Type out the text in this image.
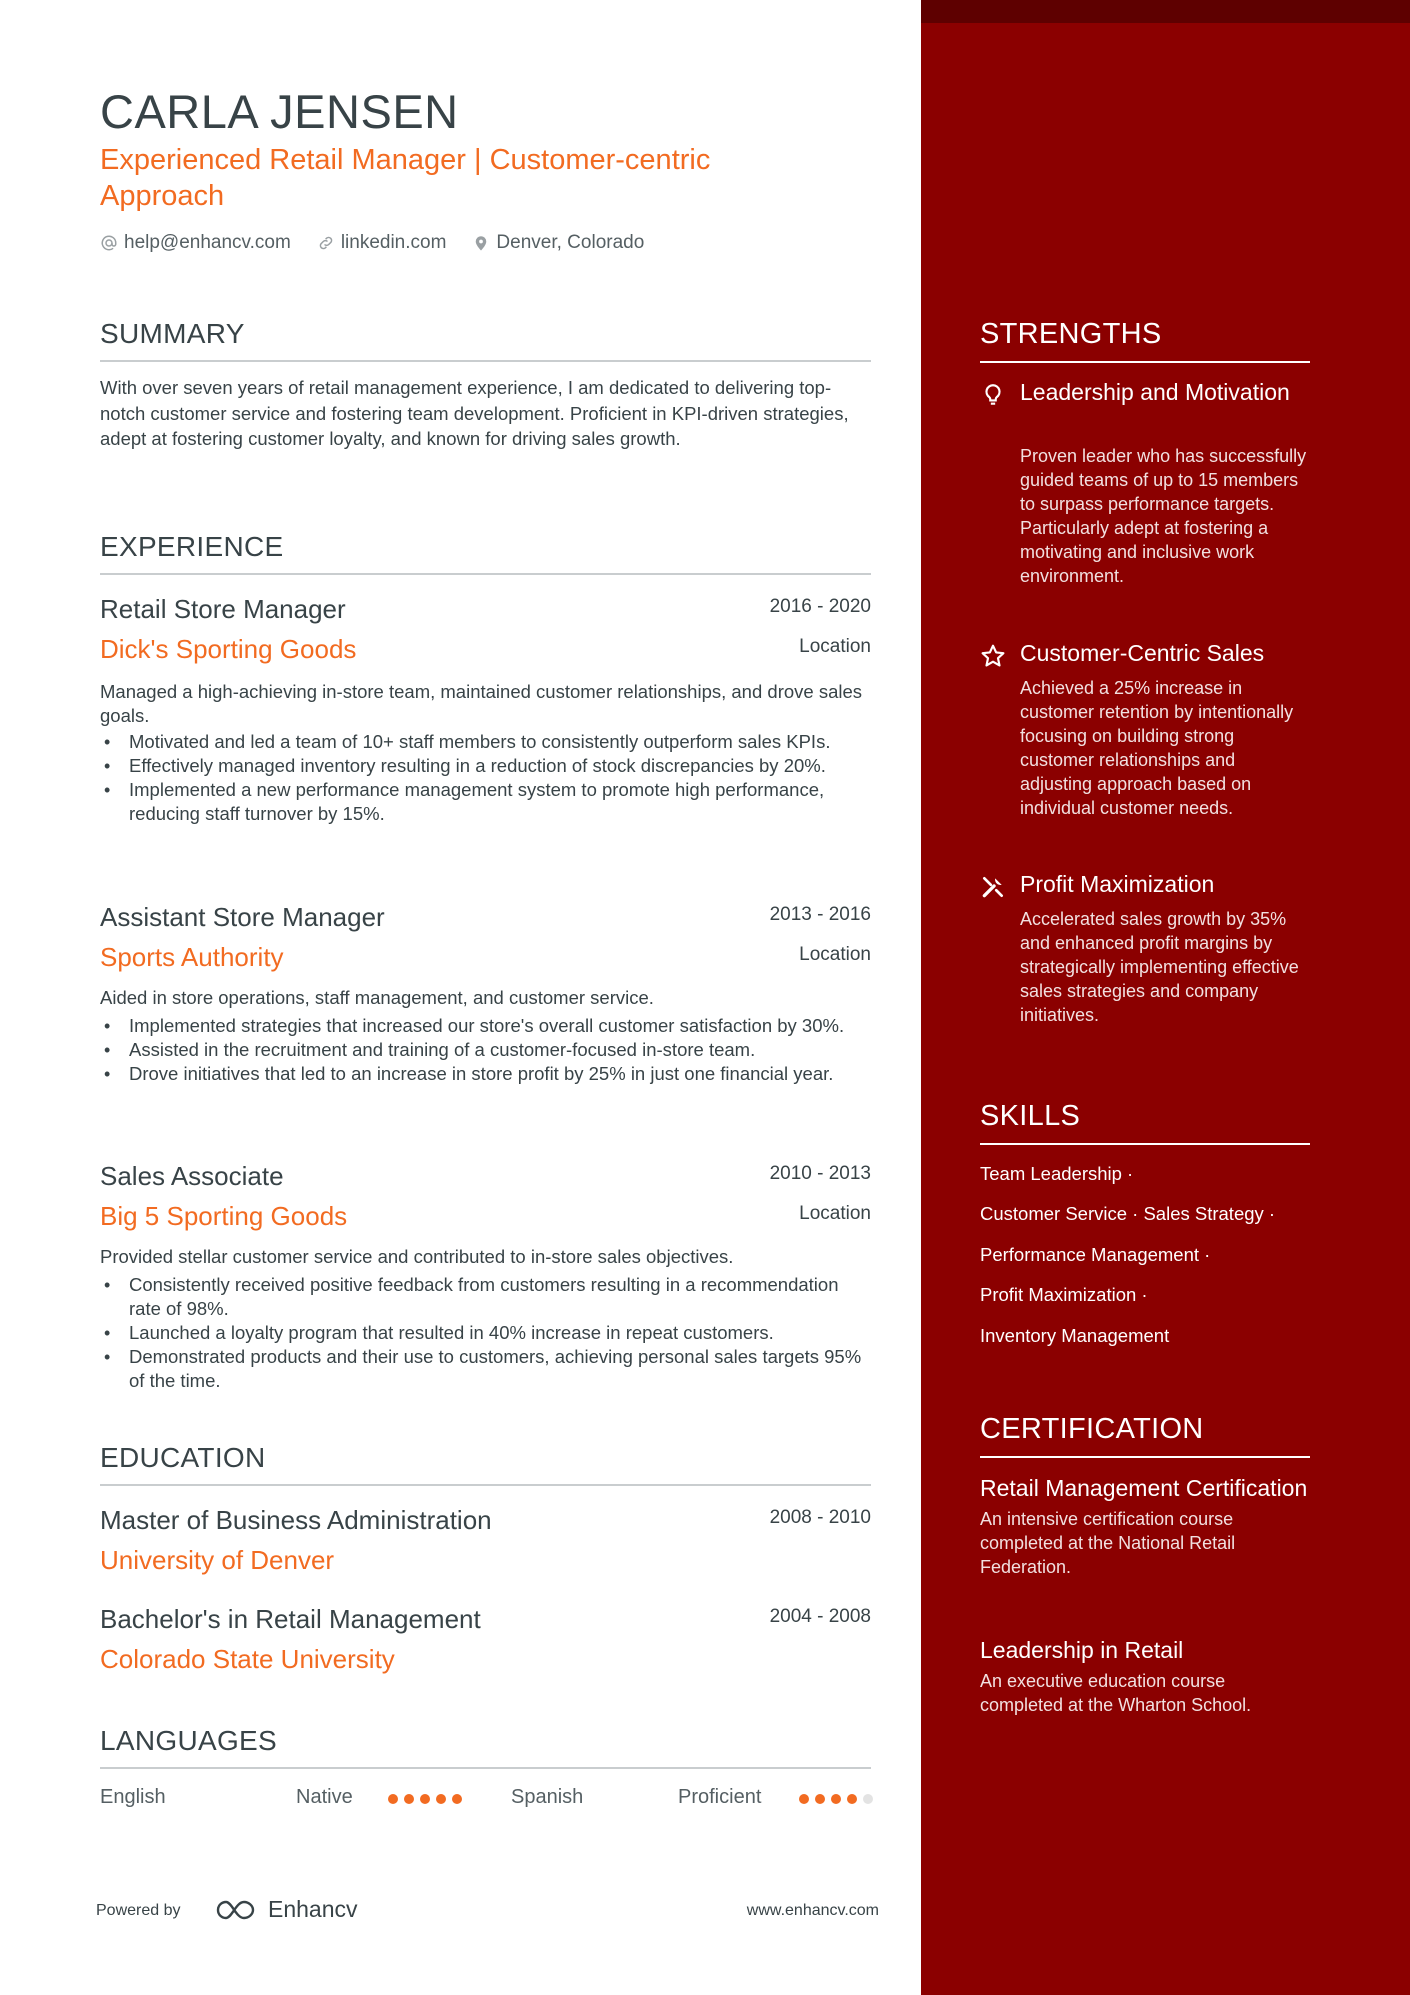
CARLA JENSEN
Experienced Retail Manager | Customer-centric Approach
help@enhancv.com	linkedin.com	Denver, Colorado
SUMMARY
With over seven years of retail management experience, I am dedicated to delivering top-notch customer service and fostering team development. Proficient in KPI-driven strategies, adept at fostering customer loyalty, and known for driving sales growth.
EXPERIENCE
Retail Store Manager	2016 - 2020
Dick's Sporting Goods	Location
Managed a high-achieving in-store team, maintained customer relationships, and drove sales goals.
• Motivated and led a team of 10+ staff members to consistently outperform sales KPIs.
• Effectively managed inventory resulting in a reduction of stock discrepancies by 20%.
• Implemented a new performance management system to promote high performance, reducing staff turnover by 15%.
Assistant Store Manager	2013 - 2016
Sports Authority	Location
Aided in store operations, staff management, and customer service.
• Implemented strategies that increased our store's overall customer satisfaction by 30%.
• Assisted in the recruitment and training of a customer-focused in-store team.
• Drove initiatives that led to an increase in store profit by 25% in just one financial year.
Sales Associate	2010 - 2013
Big 5 Sporting Goods	Location
Provided stellar customer service and contributed to in-store sales objectives.
• Consistently received positive feedback from customers resulting in a recommendation rate of 98%.
• Launched a loyalty program that resulted in 40% increase in repeat customers.
• Demonstrated products and their use to customers, achieving personal sales targets 95% of the time.
EDUCATION
Master of Business Administration	2008 - 2010
University of Denver
Bachelor's in Retail Management	2004 - 2008
Colorado State University
LANGUAGES
English	Native	Spanish	Proficient
Powered by	Enhancv	www.enhancv.com
STRENGTHS
Leadership and Motivation
Proven leader who has successfully guided teams of up to 15 members to surpass performance targets. Particularly adept at fostering a motivating and inclusive work environment.
Customer-Centric Sales
Achieved a 25% increase in customer retention by intentionally focusing on building strong customer relationships and adjusting approach based on individual customer needs.
Profit Maximization
Accelerated sales growth by 35% and enhanced profit margins by strategically implementing effective sales strategies and company initiatives.
SKILLS
Team Leadership ·
Customer Service · Sales Strategy ·
Performance Management ·
Profit Maximization ·
Inventory Management
CERTIFICATION
Retail Management Certification
An intensive certification course completed at the National Retail Federation.
Leadership in Retail
An executive education course completed at the Wharton School.
